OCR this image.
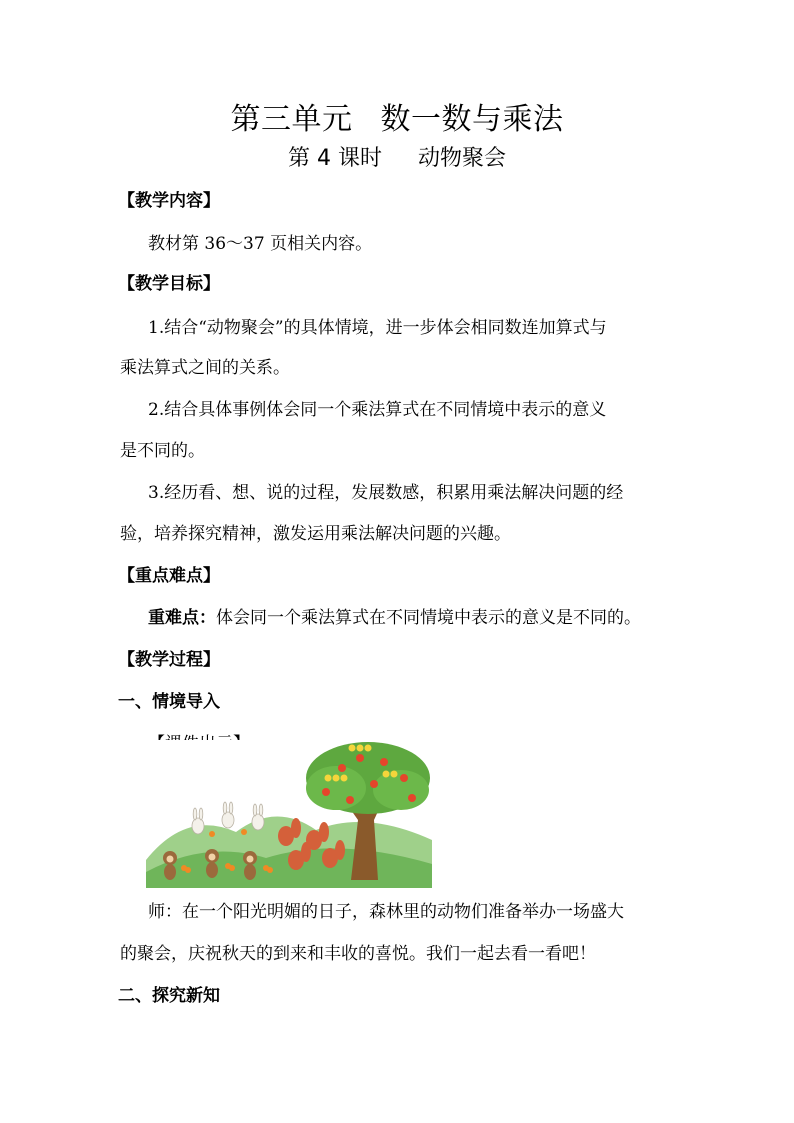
第三单元 数一数与乘法
第 4 课时 动物聚会
【教学内容】
教材第 36～37 页相关内容。
【教学目标】
1.结合“动物聚会”的具体情境，进一步体会相同数连加算式与
乘法算式之间的关系。
2.结合具体事例体会同一个乘法算式在不同情境中表示的意义
是不同的。
3.经历看、想、说的过程，发展数感，积累用乘法解决问题的经
验，培养探究精神，激发运用乘法解决问题的兴趣。
【重点难点】
重难点：体会同一个乘法算式在不同情境中表示的意义是不同的。
【教学过程】
一、情境导入
师：在一个阳光明媚的日子，森林里的动物们准备举办一场盛大
的聚会，庆祝秋天的到来和丰收的喜悦。我们一起去看一看吧！
二、探究新知
